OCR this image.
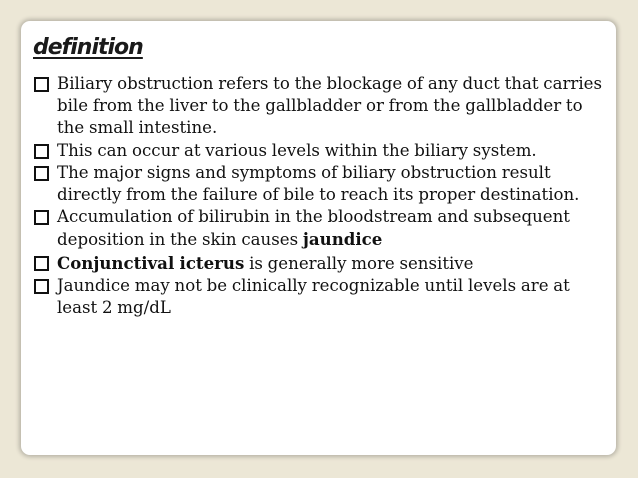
definition
Biliary obstruction refers to the blockage of any duct that carries bile from the liver to the gallbladder or from the gallbladder to the small intestine.
This can occur at various levels within the biliary system.
The major signs and symptoms of biliary obstruction result directly from the failure of bile to reach its proper destination.
Accumulation of bilirubin in the bloodstream and subsequent deposition in the skin causes jaundice
Conjunctival icterus is generally more sensitive
Jaundice may not be clinically recognizable until levels are at least 2 mg/dL
